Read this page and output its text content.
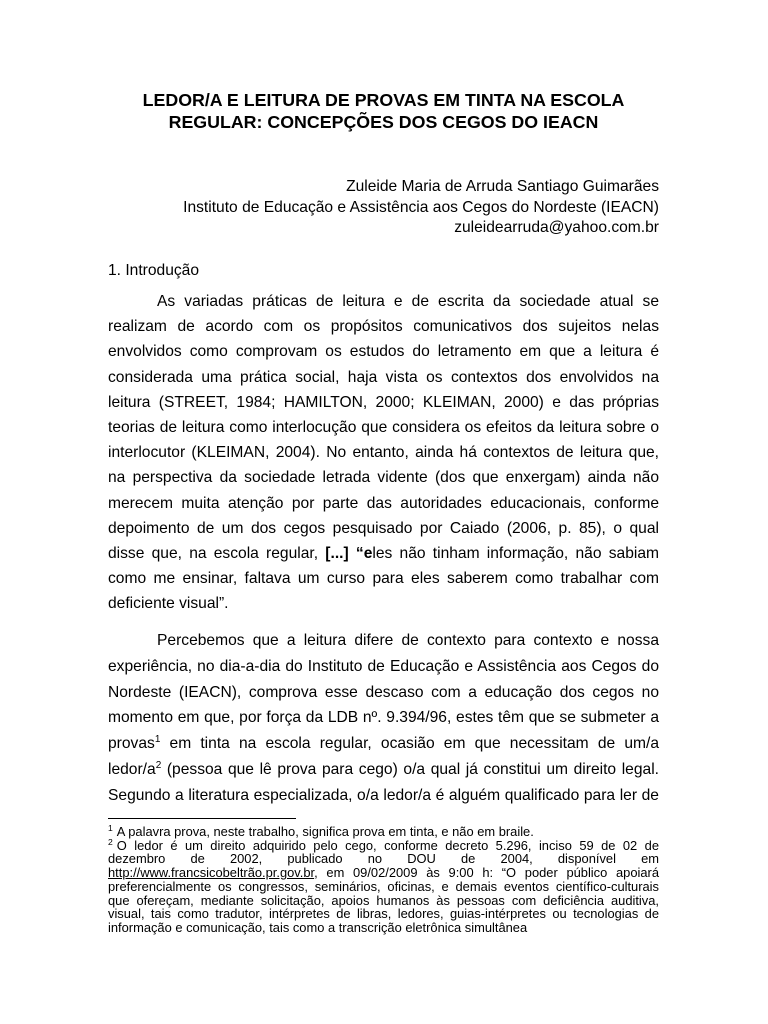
LEDOR/A E LEITURA DE PROVAS EM TINTA NA ESCOLA
REGULAR: CONCEPÇÕES DOS CEGOS DO IEACN
Zuleide Maria de Arruda Santiago Guimarães
Instituto de Educação e Assistência aos Cegos do Nordeste (IEACN)
zuleidearruda@yahoo.com.br
1. Introdução
As variadas práticas de leitura e de escrita da sociedade atual se
realizam de acordo com os propósitos comunicativos dos sujeitos nelas
envolvidos como comprovam os estudos do letramento em que a leitura é
considerada uma prática social, haja vista os contextos dos envolvidos na
leitura (STREET, 1984; HAMILTON, 2000; KLEIMAN, 2000) e das próprias
teorias de leitura como interlocução que considera os efeitos da leitura sobre o
interlocutor (KLEIMAN, 2004). No entanto, ainda há contextos de leitura que,
na perspectiva da sociedade letrada vidente (dos que enxergam) ainda não
merecem muita atenção por parte das autoridades educacionais, conforme
depoimento de um dos cegos pesquisado por Caiado (2006, p. 85), o qual
disse que, na escola regular, [...] “eles não tinham informação, não sabiam
como me ensinar, faltava um curso para eles saberem como trabalhar com
deficiente visual”.
Percebemos que a leitura difere de contexto para contexto e nossa
experiência, no dia-a-dia do Instituto de Educação e Assistência aos Cegos do
Nordeste (IEACN), comprova esse descaso com a educação dos cegos no
momento em que, por força da LDB nº. 9.394/96, estes têm que se submeter a
provas$^1$ em tinta na escola regular, ocasião em que necessitam de um/a
ledor/a$^2$ (pessoa que lê prova para cego) o/a qual já constitui um direito legal.
Segundo a literatura especializada, o/a ledor/a é alguém qualificado para ler de
$^1$ A palavra prova, neste trabalho, significa prova em tinta, e não em braile.
$^2$ O ledor é um direito adquirido pelo cego, conforme decreto 5.296, inciso 59 de 02 de
dezembro de 2002, publicado no DOU de 2004, disponível em
http://www.francsicobeltrão.pr.gov.br, em 09/02/2009 às 9:00 h: “O poder público apoiará
preferencialmente os congressos, seminários, oficinas, e demais eventos científico-culturais
que ofereçam, mediante solicitação, apoios humanos às pessoas com deficiência auditiva,
visual, tais como tradutor, intérpretes de libras, ledores, guias-intérpretes ou tecnologias de
informação e comunicação, tais como a transcrição eletrônica simultânea
